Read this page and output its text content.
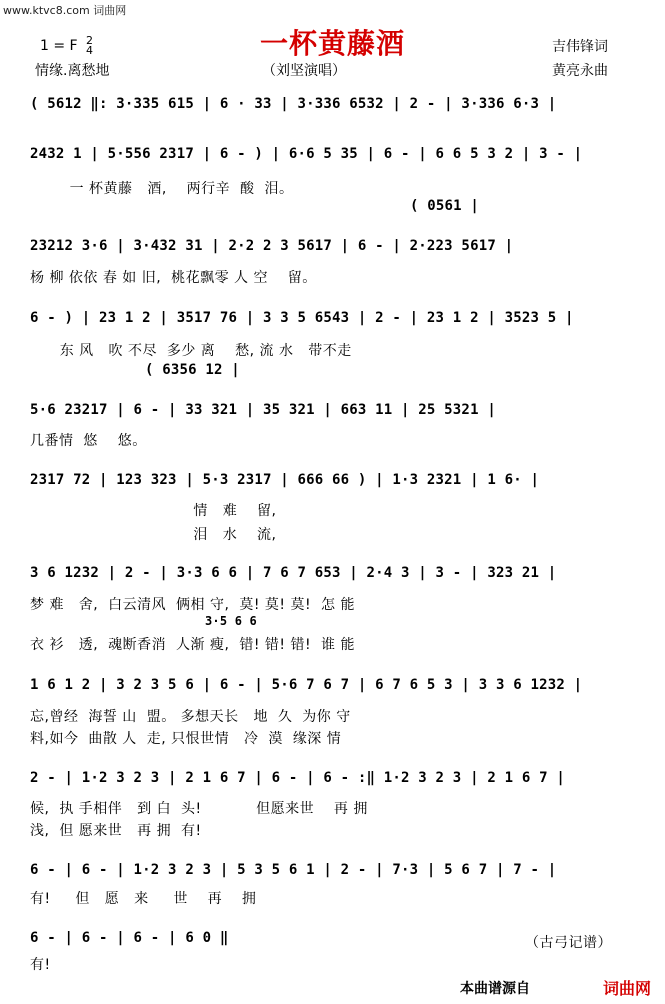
www.ktvc8.com 词曲网
一杯黄藤酒
1 = F 2
4	吉伟锋词
情缘.离愁地	（刘坚演唱）	黄亮永曲
( 5612 ‖: 3·335 615 | 6 · 33 | 3·336 6532 | 2 - | 3·336 6·3 |
2432 1 | 5·556 2317 | 6 - ) | 6·6 5 35 | 6 - | 6 6 5 3 2 | 3 - |
一 杯黄藤   酒,    两行辛  酸  泪。
( 0561 |
23212 3·6 | 3·432 31 | 2·2 2 3 5617 | 6 - | 2·223 5617 |
杨 柳 依依 春 如 旧,  桃花飘零 人 空    留。
6 - ) | 23 1 2 | 3517 76 | 3 3 5 6543 | 2 - | 23 1 2 | 3523 5 |
东 风   吹 不尽  多少 离    愁, 流 水   带不走
( 6356 12 |
5·6 23217 | 6 - | 33 321 | 35 321 | 663 11 | 25 5321 |
几番情  悠    悠。
2317 72 | 123 323 | 5·3 2317 | 666 66 ) | 1·3 2321 | 1 6· |
情   难    留,
泪   水    流,
3 6 1232 | 2 - | 3·3 6 6 | 7 6 7 653 | 2·4 3 | 3 - | 323 21 |
梦 难   舍,  白云清风  俩相 守,  莫! 莫! 莫!  怎 能
3·5 6 6
衣 衫   透,  魂断香消  人渐 瘦,  错! 错! 错!  谁 能
1 6 1 2 | 3 2 3 5 6 | 6 - | 5·6 7 6 7 | 6 7 6 5 3 | 3 3 6 1232 |
忘,曾经  海誓 山  盟。 多想天长   地  久  为你 守
料,如今  曲散 人  走, 只恨世情   冷  漠  缘深 情
2 - | 1·2 3 2 3 | 2 1 6 7 | 6 - | 6 - :‖ 1·2 3 2 3 | 2 1 6 7 |
候,  执 手相伴   到 白  头!           但愿来世    再 拥
浅,  但 愿来世   再 拥  有!
6 - | 6 - | 1·2 3 2 3 | 5 3 5 6 1 | 2 - | 7·3 | 5 6 7 | 7 - |
有!     但   愿   来     世    再    拥
6 - | 6 - | 6 - | 6 0 ‖
有!
（古弓记谱）
本曲谱源自	词曲网
